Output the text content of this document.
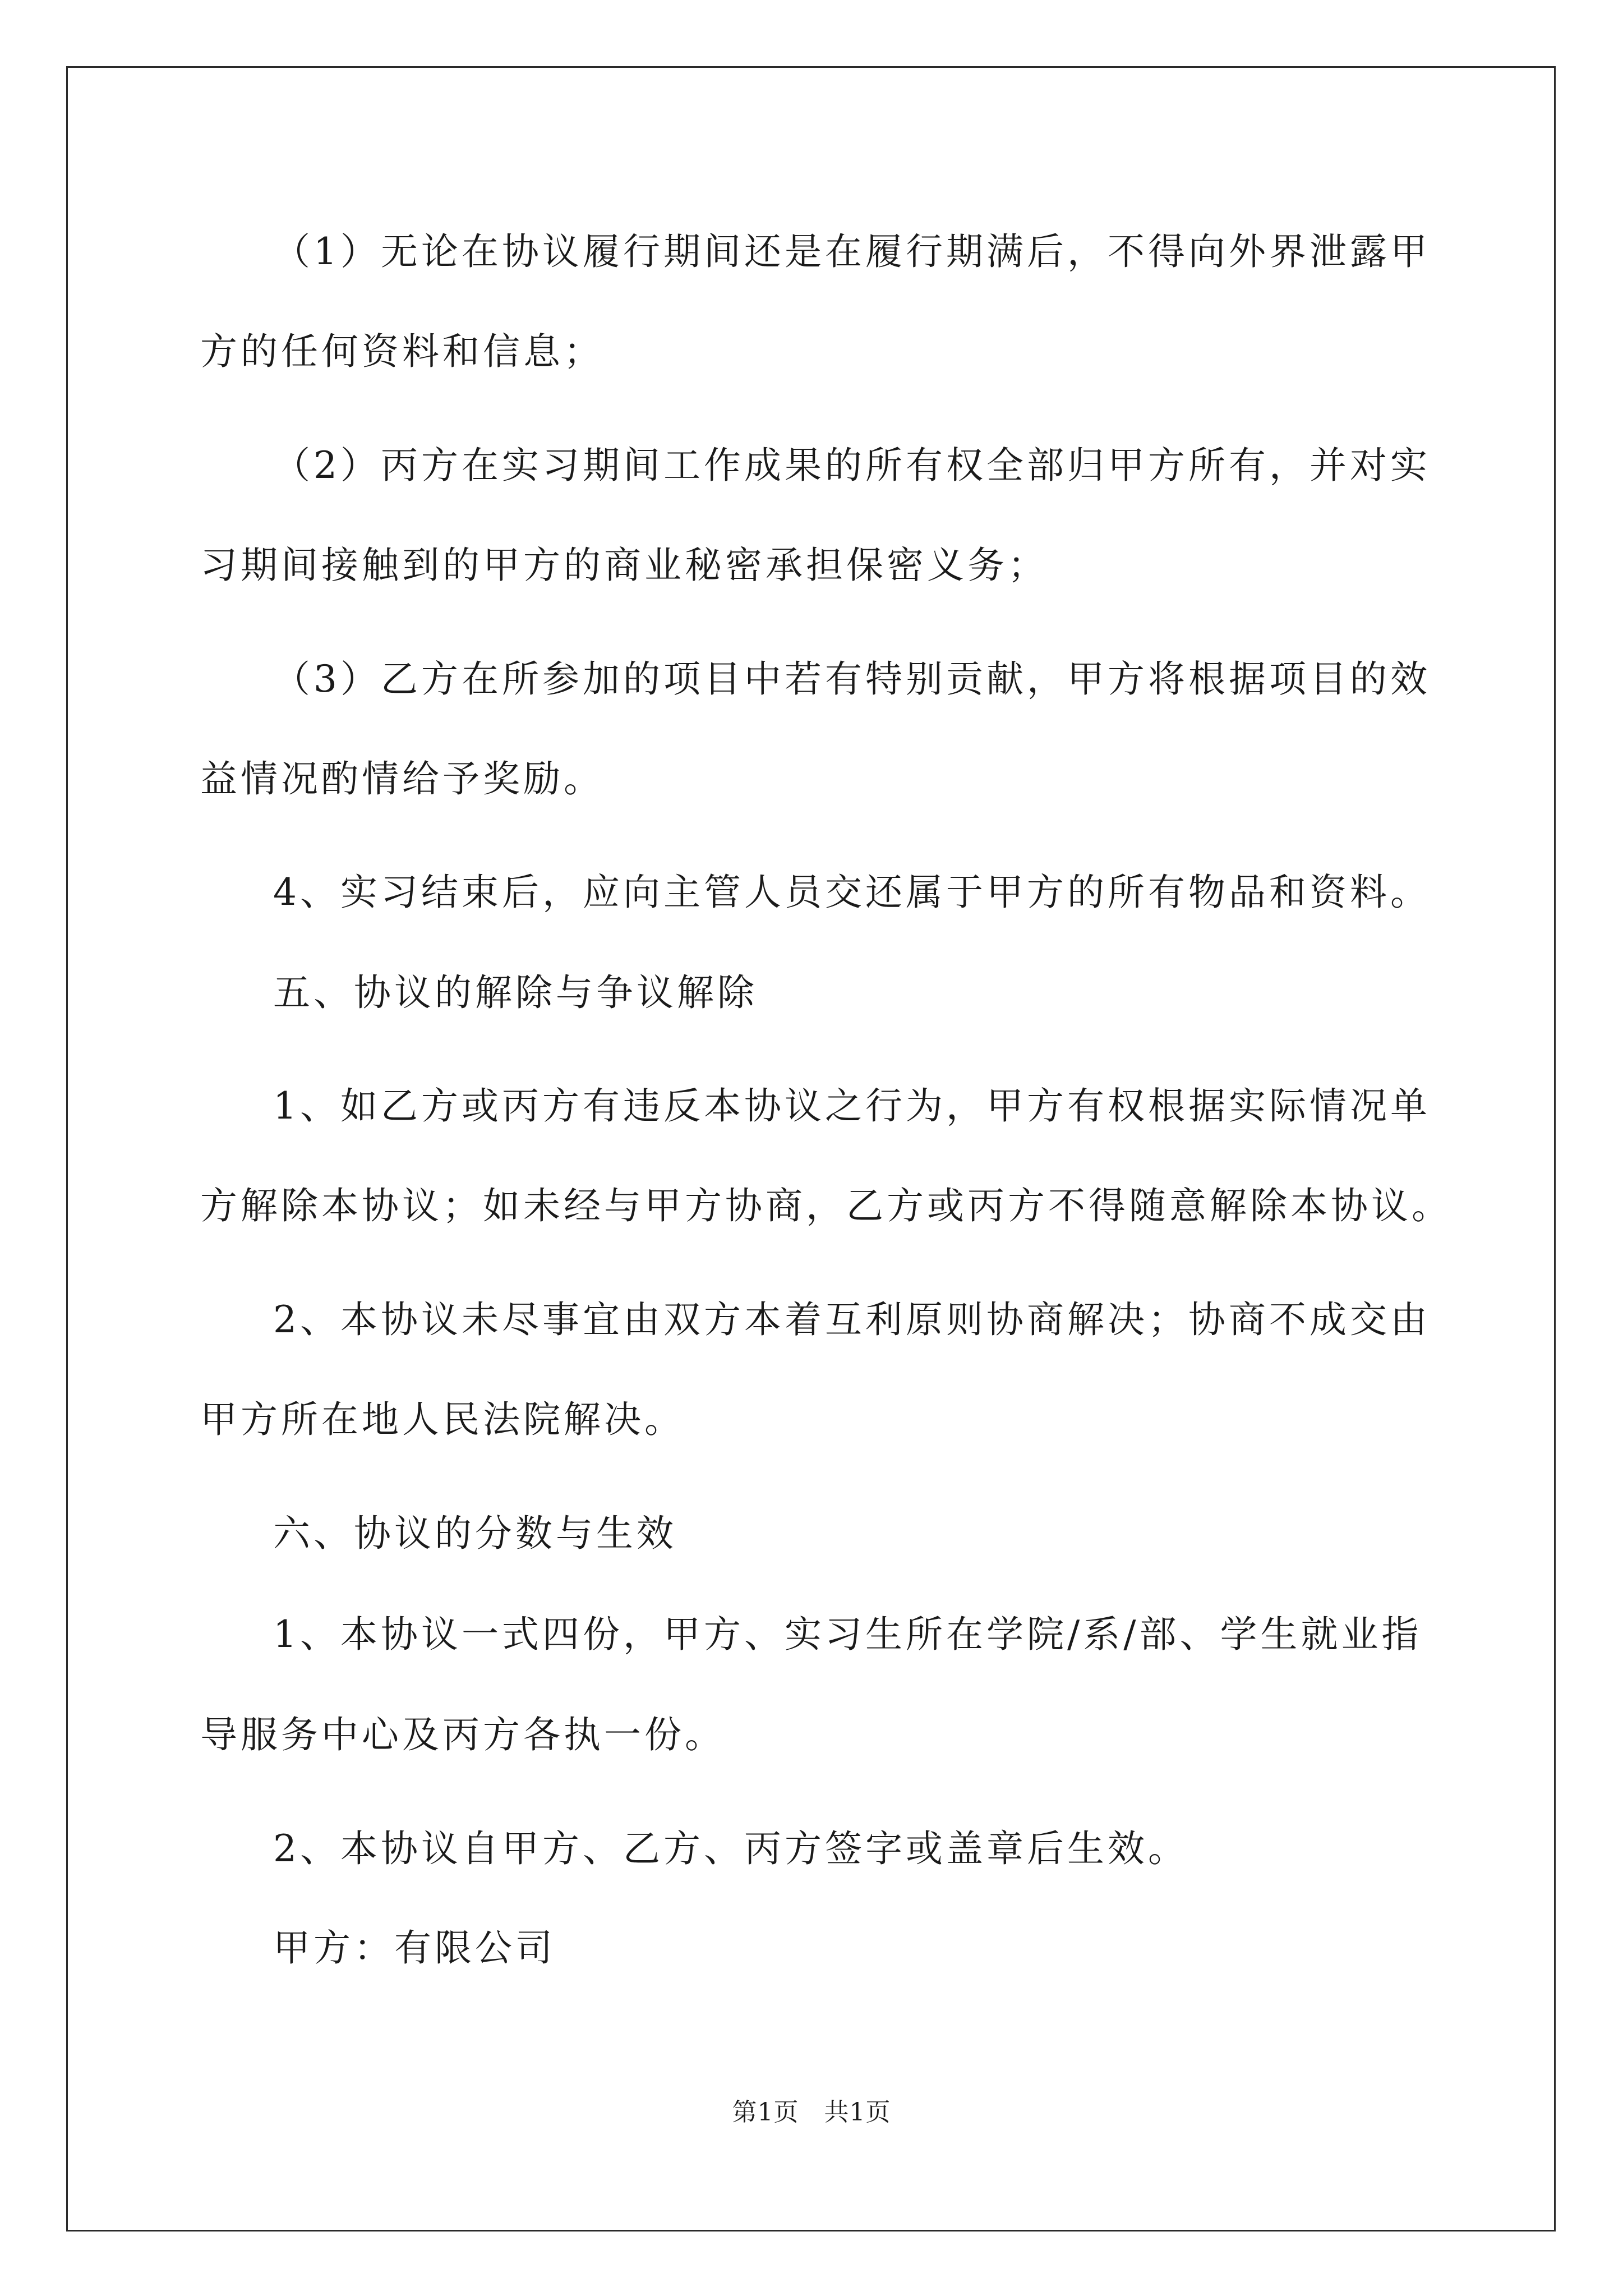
（1）无论在协议履行期间还是在履行期满后，不得向外界泄露甲
方的任何资料和信息；
（2）丙方在实习期间工作成果的所有权全部归甲方所有，并对实
习期间接触到的甲方的商业秘密承担保密义务；
（3）乙方在所参加的项目中若有特别贡献，甲方将根据项目的效
益情况酌情给予奖励。
4、实习结束后，应向主管人员交还属于甲方的所有物品和资料。
五、协议的解除与争议解除
1、如乙方或丙方有违反本协议之行为，甲方有权根据实际情况单
方解除本协议；如未经与甲方协商，乙方或丙方不得随意解除本协议。
2、本协议未尽事宜由双方本着互利原则协商解决；协商不成交由
甲方所在地人民法院解决。
六、协议的分数与生效
1、本协议一式四份，甲方、实习生所在学院/系/部、学生就业指
导服务中心及丙方各执一份。
2、本协议自甲方、乙方、丙方签字或盖章后生效。
甲方：有限公司
第1页   共1页
